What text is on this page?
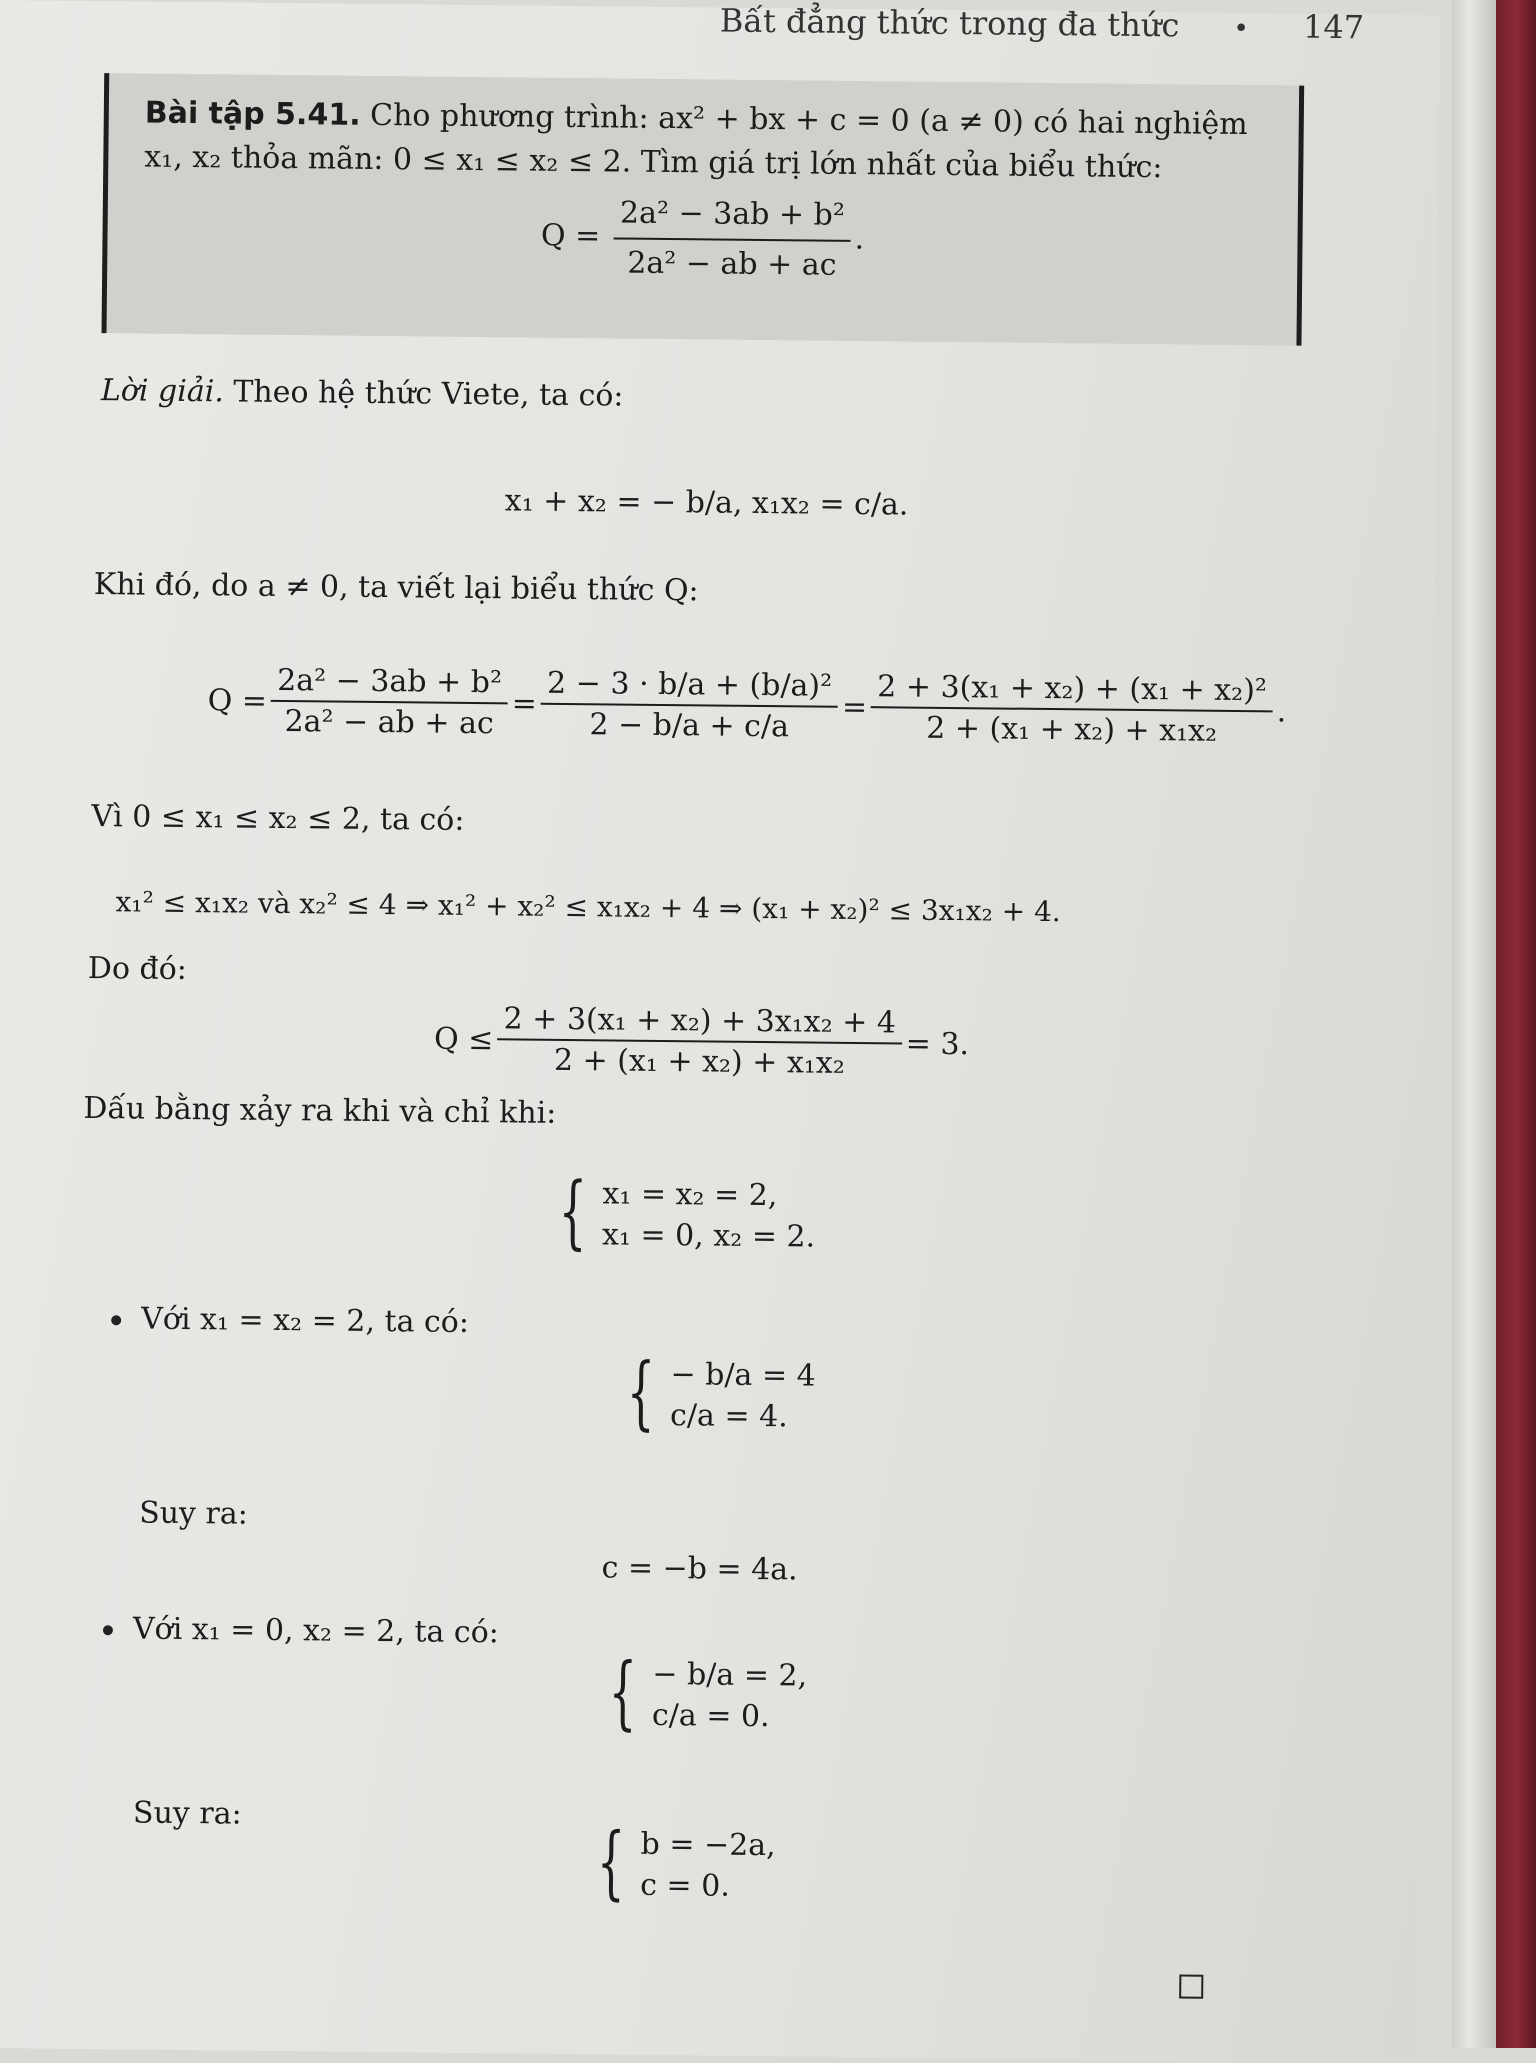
Bất đẳng thức trong đa thức • 147
Bài tập 5.41. Cho phương trình: ax² + bx + c = 0 (a ≠ 0) có hai nghiệm
x₁, x₂ thỏa mãn: 0 ≤ x₁ ≤ x₂ ≤ 2. Tìm giá trị lớn nhất của biểu thức:
$Q = \frac{\text{2a² − 3ab + b²}}{\text{2a² − ab + ac}}$ .
Lời giải. Theo hệ thức Viete, ta có:
x₁ + x₂ = − b/a, x₁x₂ = c/a.
Khi đó, do a ≠ 0, ta viết lại biểu thức Q:
$Q = \frac{\text{2a² − 3ab + b²}}{\text{2a² − ab + ac}} = \frac{\text{2 − 3 · b/a + (b/a)²}}{2 - b/a + c/a} = \frac{\text{2 + 3(x₁ + x₂) + (x₁ + x₂)²}}{\text{2 + (x₁ + x₂) + x₁x₂}}$ .
Vì 0 ≤ x₁ ≤ x₂ ≤ 2, ta có:
x₁² ≤ x₁x₂ và x₂² ≤ 4 ⇒ x₁² + x₂² ≤ x₁x₂ + 4 ⇒ (x₁ + x₂)² ≤ 3x₁x₂ + 4.
Do đó:
$Q \le \frac{\text{2 + 3(x₁ + x₂) + 3x₁x₂ + 4}}{\text{2 + (x₁ + x₂) + x₁x₂}} = 3$.
Dấu bằng xảy ra khi và chỉ khi:
{ x₁ = x₂ = 2,
x₁ = 0, x₂ = 2.
Với x₁ = x₂ = 2, ta có:
{ − b/a = 4
c/a = 4.
Suy ra:
c = −b = 4a.
Với x₁ = 0, x₂ = 2, ta có:
{ − b/a = 2,
c/a = 0.
Suy ra:
{ b = −2a,
c = 0.
